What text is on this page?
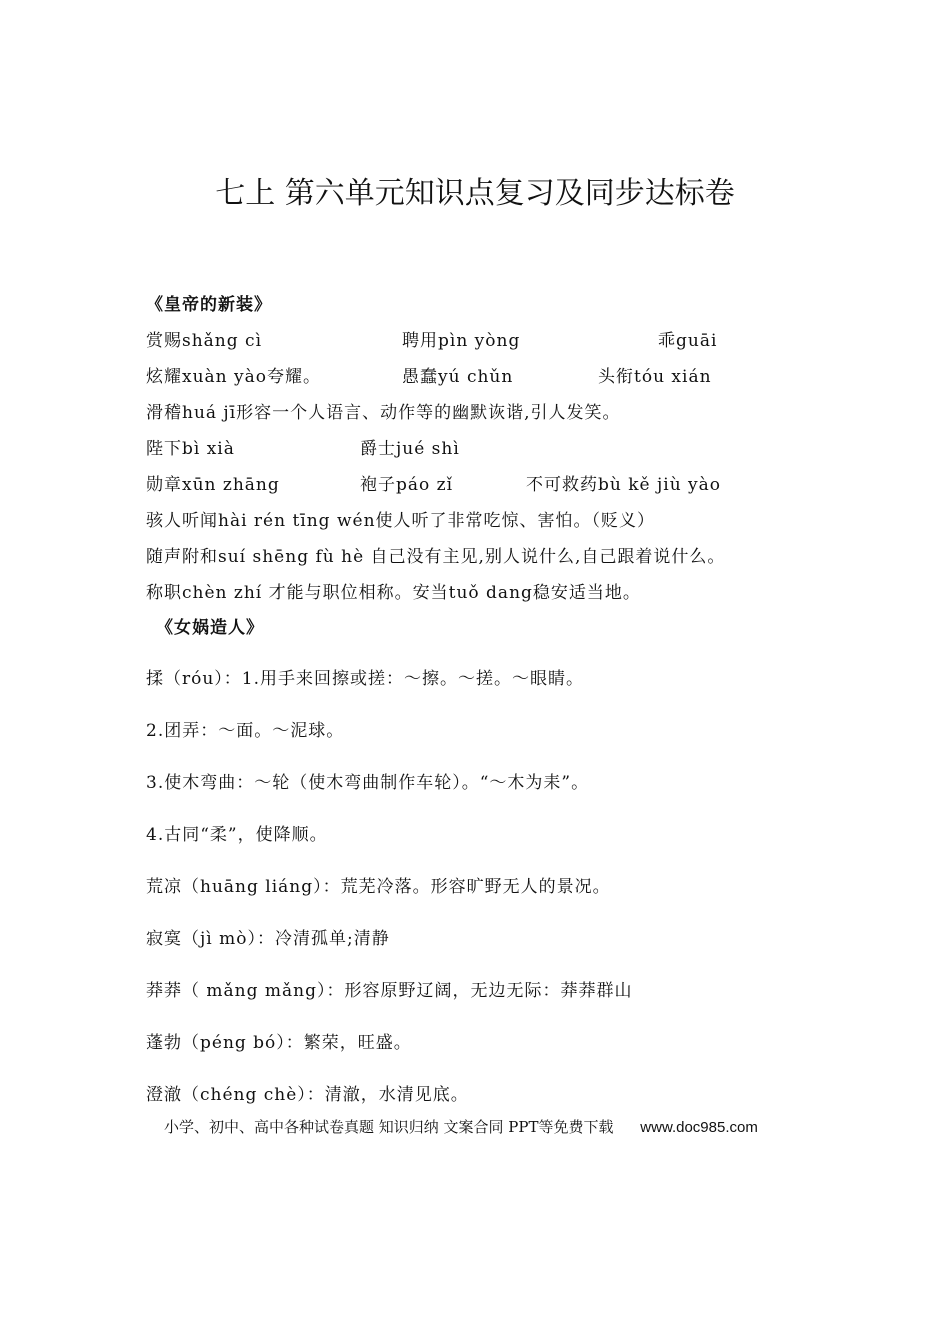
七上 第六单元知识点复习及同步达标卷
《皇帝的新装》
赏赐shǎng cì	聘用pìn yòng	乖guāi
炫耀xuàn yào夸耀。	愚蠢yú chǔn	头衔tóu xián
滑稽huá jī形容一个人语言、动作等的幽默诙谐,引人发笑。
陛下bì xià	爵士jué shì
勋章xūn zhāng	袍子páo zǐ	不可救药bù kě jiù yào
骇人听闻hài rén tīng wén使人听了非常吃惊、害怕。（贬义）
随声附和suí shēng fù hè 自己没有主见,别人说什么,自己跟着说什么。
称职chèn zhí 才能与职位相称。安当tuǒ dang稳安适当地。
《女娲造人》
揉（róu）：1.用手来回擦或搓：～擦。～搓。～眼睛。
2.团弄：～面。～泥球。
3.使木弯曲：～轮（使木弯曲制作车轮）。“～木为耒”。
4.古同“柔”，使降顺。
荒凉（huāng liáng）：荒芜冷落。形容旷野无人的景况。
寂寞（jì mò）：冷清孤单;清静
莽莽（ mǎng mǎng）：形容原野辽阔，无边无际：莽莽群山
蓬勃（péng bó）：繁荣，旺盛。
澄澈（chéng chè）：清澈，水清见底。
小学、初中、高中各种试卷真题 知识归纳 文案合同 PPT等免费下载 www.doc985.com
